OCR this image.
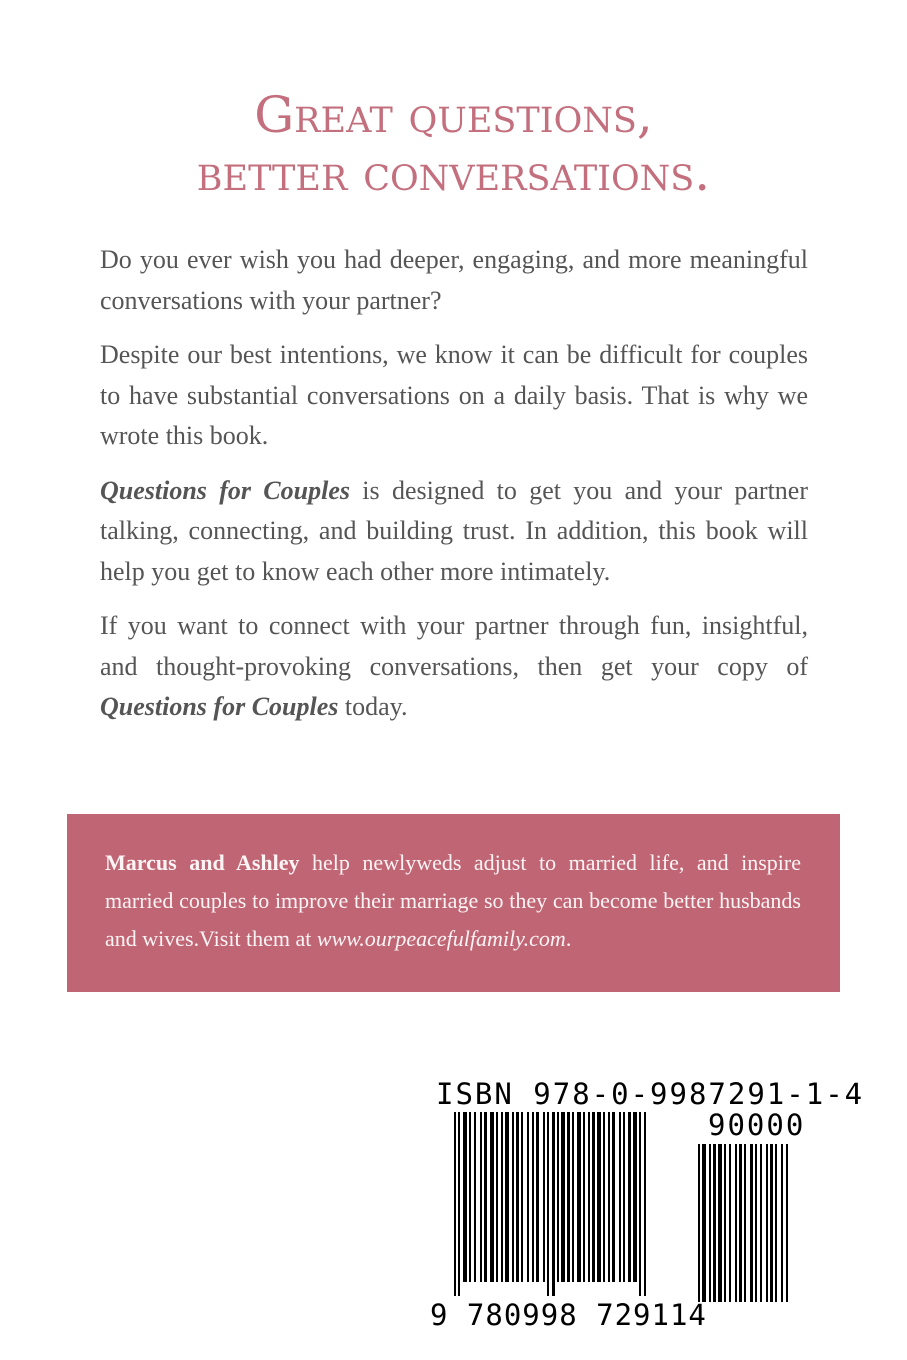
Great questions,
better conversations.

Do you ever wish you had deeper, engaging, and more meaningful conversations with your partner?

Despite our best intentions, we know it can be difficult for couples to have substantial conversations on a daily basis. That is why we wrote this book.

Questions for Couples is designed to get you and your partner talking, connecting, and building trust. In addition, this book will help you get to know each other more intimately.

If you want to connect with your partner through fun, insightful, and thought-provoking conversations, then get your copy of Questions for Couples today.

Marcus and Ashley help newlyweds adjust to married life, and inspire married couples to improve their marriage so they can become better husbands and wives.Visit them at www.ourpeacefulfamily.com.
ISBN 978-0-9987291-1-4
90000
9 780998 729114
